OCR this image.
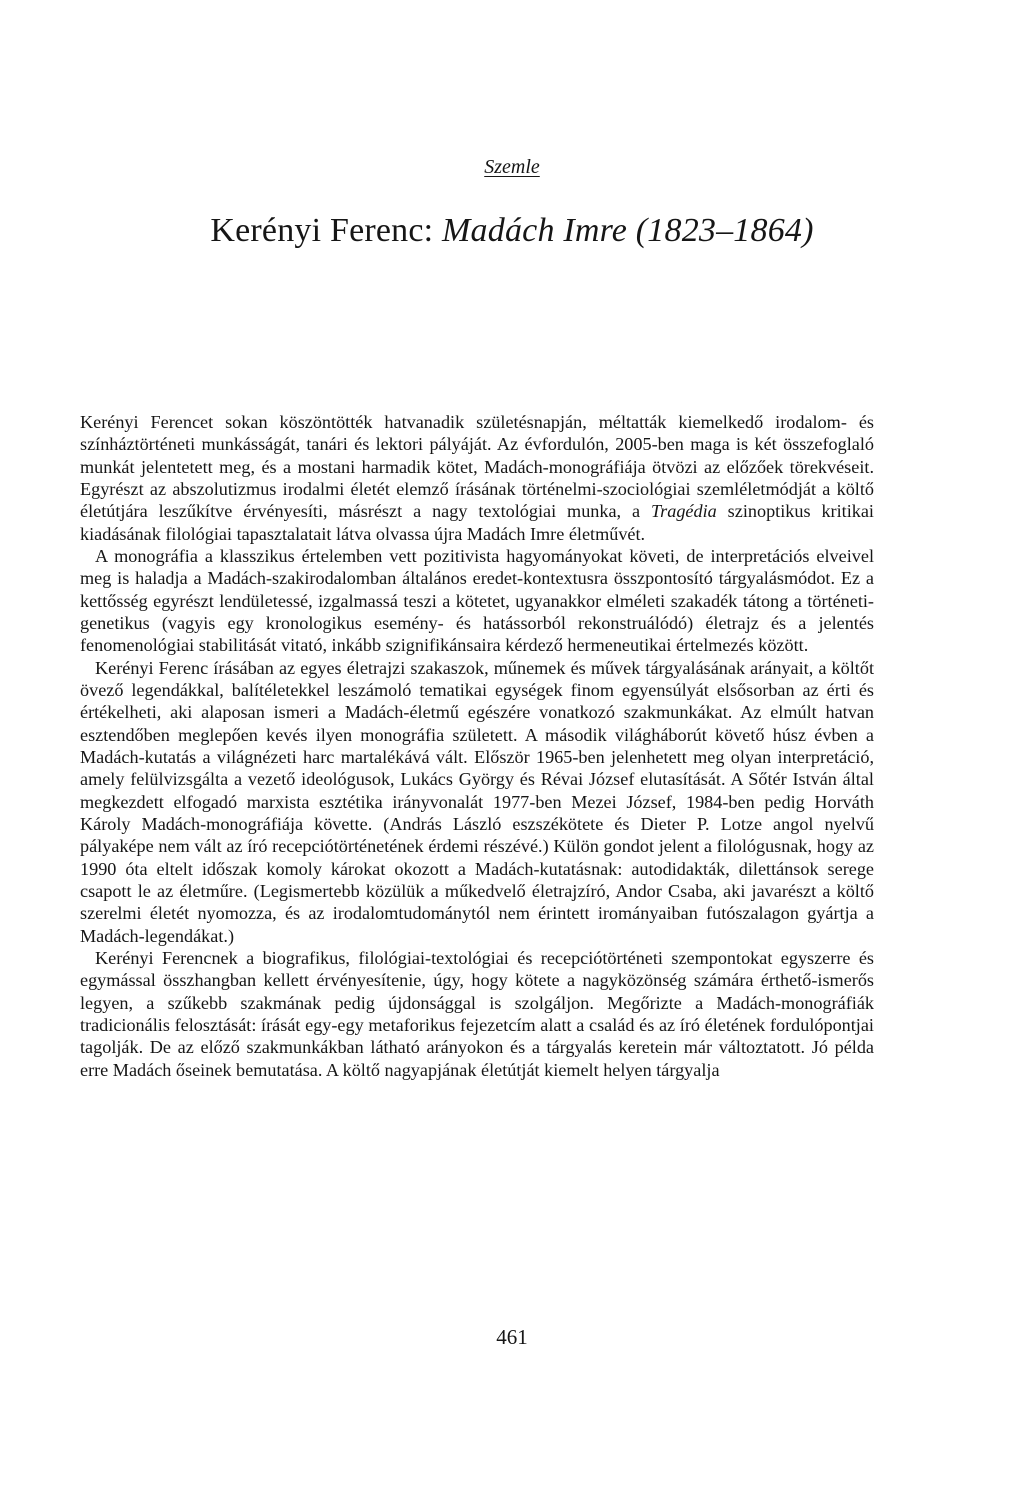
Szemle
Kerényi Ferenc: Madách Imre (1823–1864)

Kerényi Ferencet sokan köszöntötték hatvanadik születésnapján, méltatták kiemelkedő irodalom- és színháztörténeti munkásságát, tanári és lektori pályáját. Az évfordulón, 2005-ben maga is két összefoglaló munkát jelentetett meg, és a mostani harmadik kötet, Madách-monográfiája ötvözi az előzőek törekvéseit. Egyrészt az abszolutizmus irodalmi életét elemző írásának történelmi-szociológiai szemléletmódját a költő életútjára leszűkítve érvényesíti, másrészt a nagy textológiai munka, a Tragédia szinoptikus kritikai kiadásának filológiai tapasztalatait látva olvassa újra Madách Imre életművét.

A monográfia a klasszikus értelemben vett pozitivista hagyományokat követi, de interpretációs elveivel meg is haladja a Madách-szakirodalomban általános eredet-kontextusra összpontosító tárgyalásmódot. Ez a kettősség egyrészt lendületessé, izgalmassá teszi a kötetet, ugyanakkor elméleti szakadék tátong a történeti-genetikus (vagyis egy kronologikus esemény- és hatássorból rekonstruálódó) életrajz és a jelentés fenomenológiai stabilitását vitató, inkább szignifikánsaira kérdező hermeneutikai értelmezés között.

Kerényi Ferenc írásában az egyes életrajzi szakaszok, műnemek és művek tárgyalásának arányait, a költőt övező legendákkal, balítéletekkel leszámoló tematikai egységek finom egyensúlyát elsősorban az érti és értékelheti, aki alaposan ismeri a Madách-életmű egészére vonatkozó szakmunkákat. Az elmúlt hatvan esztendőben meglepően kevés ilyen monográfia született. A második világháborút követő húsz évben a Madách-kutatás a világnézeti harc martalékává vált. Először 1965-ben jelenhetett meg olyan interpretáció, amely felülvizsgálta a vezető ideológusok, Lukács György és Révai József elutasítását. A Sőtér István által megkezdett elfogadó marxista esztétika irányvonalát 1977-ben Mezei József, 1984-ben pedig Horváth Károly Madách-monográfiája követte. (András László eszszékötete és Dieter P. Lotze angol nyelvű pályaképe nem vált az író recepciótörténetének érdemi részévé.) Külön gondot jelent a filológusnak, hogy az 1990 óta eltelt időszak komoly károkat okozott a Madách-kutatásnak: autodidakták, dilettánsok serege csapott le az életműre. (Legismertebb közülük a műkedvelő életrajzíró, Andor Csaba, aki javarészt a költő szerelmi életét nyomozza, és az irodalomtudománytól nem érintett irományaiban futószalagon gyártja a Madách-legendákat.)

Kerényi Ferencnek a biografikus, filológiai-textológiai és recepciótörténeti szempontokat egyszerre és egymással összhangban kellett érvényesítenie, úgy, hogy kötete a nagyközönség számára érthető-ismerős legyen, a szűkebb szakmának pedig újdonsággal is szolgáljon. Megőrizte a Madách-monográfiák tradicionális felosztását: írását egy-egy metaforikus fejezetcím alatt a család és az író életének fordulópontjai tagolják. De az előző szakmunkákban látható arányokon és a tárgyalás keretein már változtatott. Jó példa erre Madách őseinek bemutatása. A költő nagyapjának életútját kiemelt helyen tárgyalja

461
